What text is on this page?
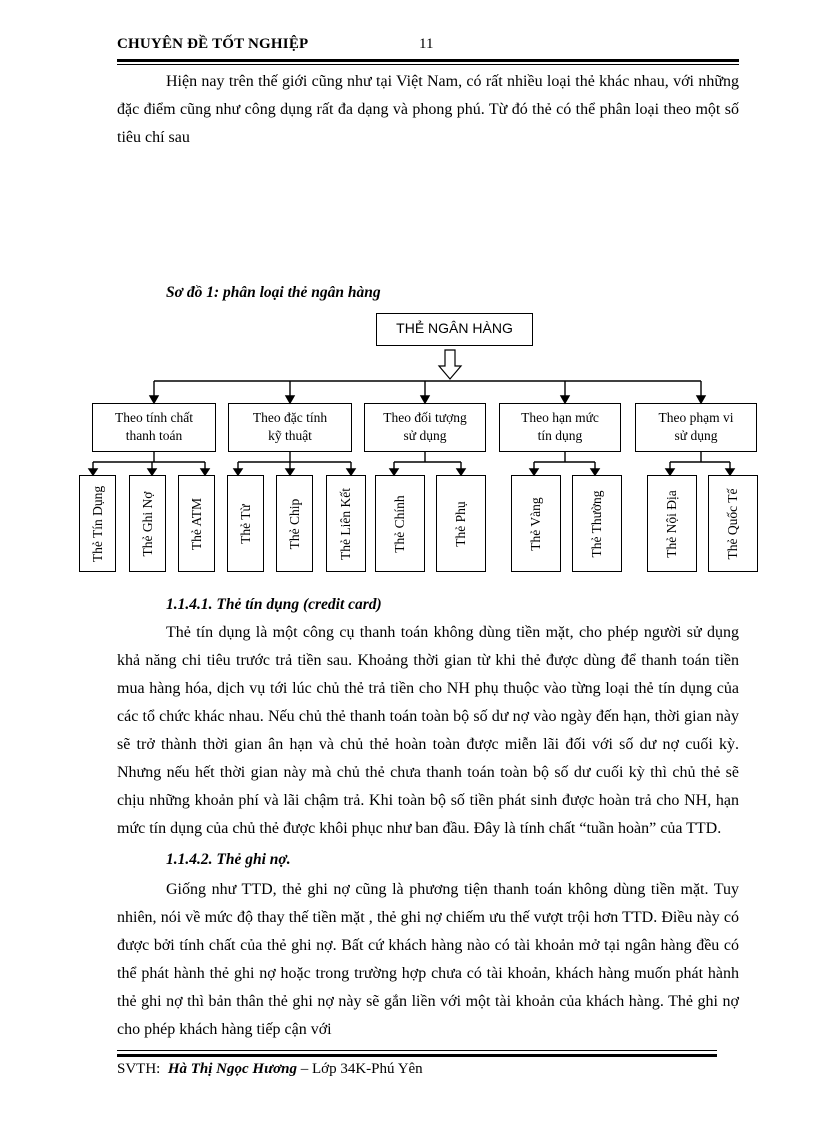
CHUYÊN ĐỀ TỐT NGHIỆP	11

Hiện nay trên thế giới cũng như tại Việt Nam, có rất nhiều loại thẻ khác nhau, với những đặc điểm cũng như công dụng rất đa dạng và phong phú. Từ đó thẻ có thể phân loại theo một số tiêu chí sau

Sơ đồ 1: phân loại thẻ ngân hàng
THẺ NGÂN HÀNG
Theo tính chất
thanh toán
Theo đặc tính
kỹ thuật
Theo đối tượng
sử dụng
Theo hạn mức
tín dụng
Theo phạm vi
sử dụng
Thẻ Tín Dụng	Thẻ Ghi Nợ	Thẻ ATM	Thẻ Từ	Thẻ Chip	Thẻ Liên Kết	Thẻ Chính	Thẻ Phụ	Thẻ Vàng	Thẻ Thường	Thẻ Nội Địa	Thẻ Quốc Tế
1.1.4.1. Thẻ tín dụng (credit card)

Thẻ tín dụng là một công cụ thanh toán không dùng tiền mặt, cho phép người sử dụng khả năng chi tiêu trước trả tiền sau. Khoảng thời gian từ khi thẻ được dùng để thanh toán tiền mua hàng hóa, dịch vụ tới lúc chủ thẻ trả tiền cho NH phụ thuộc vào từng loại thẻ tín dụng của các tổ chức khác nhau. Nếu chủ thẻ thanh toán toàn bộ số dư nợ vào ngày đến hạn, thời gian này sẽ trở thành thời gian ân hạn và chủ thẻ hoàn toàn được miễn lãi đối với số dư nợ cuối kỳ. Nhưng nếu hết thời gian này mà chủ thẻ chưa thanh toán toàn bộ số dư cuối kỳ thì chủ thẻ sẽ chịu những khoản phí và lãi chậm trả. Khi toàn bộ số tiền phát sinh được hoàn trả cho NH, hạn mức tín dụng của chủ thẻ được khôi phục như ban đầu. Đây là tính chất “tuần hoàn” của TTD.

1.1.4.2. Thẻ ghi nợ.

Giống như TTD, thẻ ghi nợ cũng là phương tiện thanh toán không dùng tiền mặt. Tuy nhiên, nói về mức độ thay thế tiền mặt , thẻ ghi nợ chiếm ưu thế vượt trội hơn TTD. Điều này có được bởi tính chất của thẻ ghi nợ. Bất cứ khách hàng nào có tài khoản mở tại ngân hàng đều có thể phát hành thẻ ghi nợ hoặc trong trường hợp chưa có tài khoản, khách hàng muốn phát hành thẻ ghi nợ thì bản thân thẻ ghi nợ này sẽ gắn liền với một tài khoản của khách hàng. Thẻ ghi nợ cho phép khách hàng tiếp cận với

SVTH: Hà Thị Ngọc Hương – Lớp 34K-Phú Yên
